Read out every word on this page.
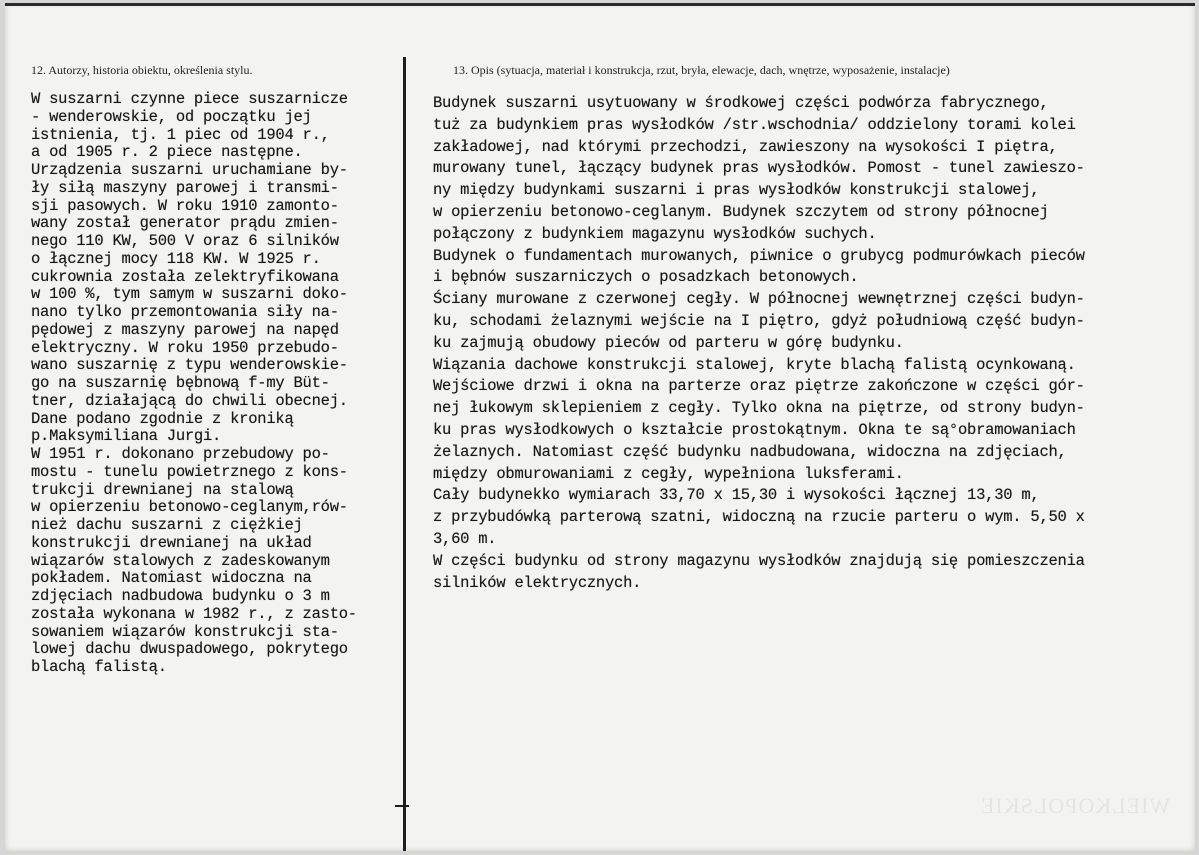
12. Autorzy, historia obiektu, określenia stylu.	13. Opis (sytuacja, materiał i konstrukcja, rzut, bryła, elewacje, dach, wnętrze, wyposażenie, instalacje)

W suszarni czynne piece suszarnicze
- wenderowskie, od początku jej
istnienia, tj. 1 piec od 1904 r.,
a od 1905 r. 2 piece następne.
Urządzenia suszarni uruchamiane by-
ły siłą maszyny parowej i transmi-
sji pasowych. W roku 1910 zamonto-
wany został generator prądu zmien-
nego 110 KW, 500 V oraz 6 silników
o łącznej mocy 118 KW. W 1925 r.
cukrownia została zelektryfikowana
w 100 %, tym samym w suszarni doko-
nano tylko przemontowania siły na-
pędowej z maszyny parowej na napęd
elektryczny. W roku 1950 przebudo-
wano suszarnię z typu wenderowskie-
go na suszarnię bębnową f-my Büt-
tner, działającą do chwili obecnej.
Dane podano zgodnie z kroniką
p.Maksymiliana Jurgi.
W 1951 r. dokonano przebudowy po-
mostu - tunelu powietrznego z kons-
trukcji drewnianej na stalową
w opierzeniu betonowo-ceglanym,rów-
nież dachu suszarni z ciężkiej
konstrukcji drewnianej na układ
wiązarów stalowych z zadeskowanym
pokładem. Natomiast widoczna na
zdjęciach nadbudowa budynku o 3 m
została wykonana w 1982 r., z zasto-
sowaniem wiązarów konstrukcji sta-
lowej dachu dwuspadowego, pokrytego
blachą falistą.
Budynek suszarni usytuowany w środkowej części podwórza fabrycznego,
tuż za budynkiem pras wysłodków /str.wschodnia/ oddzielony torami kolei
zakładowej, nad którymi przechodzi, zawieszony na wysokości I piętra,
murowany tunel, łączący budynek pras wysłodków. Pomost - tunel zawieszo-
ny między budynkami suszarni i pras wysłodków konstrukcji stalowej,
w opierzeniu betonowo-ceglanym. Budynek szczytem od strony północnej
połączony z budynkiem magazynu wysłodków suchych.
Budynek o fundamentach murowanych, piwnice o grubycg podmurówkach pieców
i bębnów suszarniczych o posadzkach betonowych.
Ściany murowane z czerwonej cegły. W północnej wewnętrznej części budyn-
ku, schodami żelaznymi wejście na I piętro, gdyż południową część budyn-
ku zajmują obudowy pieców od parteru w górę budynku.
Wiązania dachowe konstrukcji stalowej, kryte blachą falistą ocynkowaną.
Wejściowe drzwi i okna na parterze oraz piętrze zakończone w części gór-
nej łukowym sklepieniem z cegły. Tylko okna na piętrze, od strony budyn-
ku pras wysłodkowych o kształcie prostokątnym. Okna te są°obramowaniach
żelaznych. Natomiast część budynku nadbudowana, widoczna na zdjęciach,
między obmurowaniami z cegły, wypełniona luksferami.
Cały budynekko wymiarach 33,70 x 15,30 i wysokości łącznej 13,30 m,
z przybudówką parterową szatni, widoczną na rzucie parteru o wym. 5,50 x
3,60 m.
W części budynku od strony magazynu wysłodków znajdują się pomieszczenia
silników elektrycznych.
WIELKOPOLSKIE
